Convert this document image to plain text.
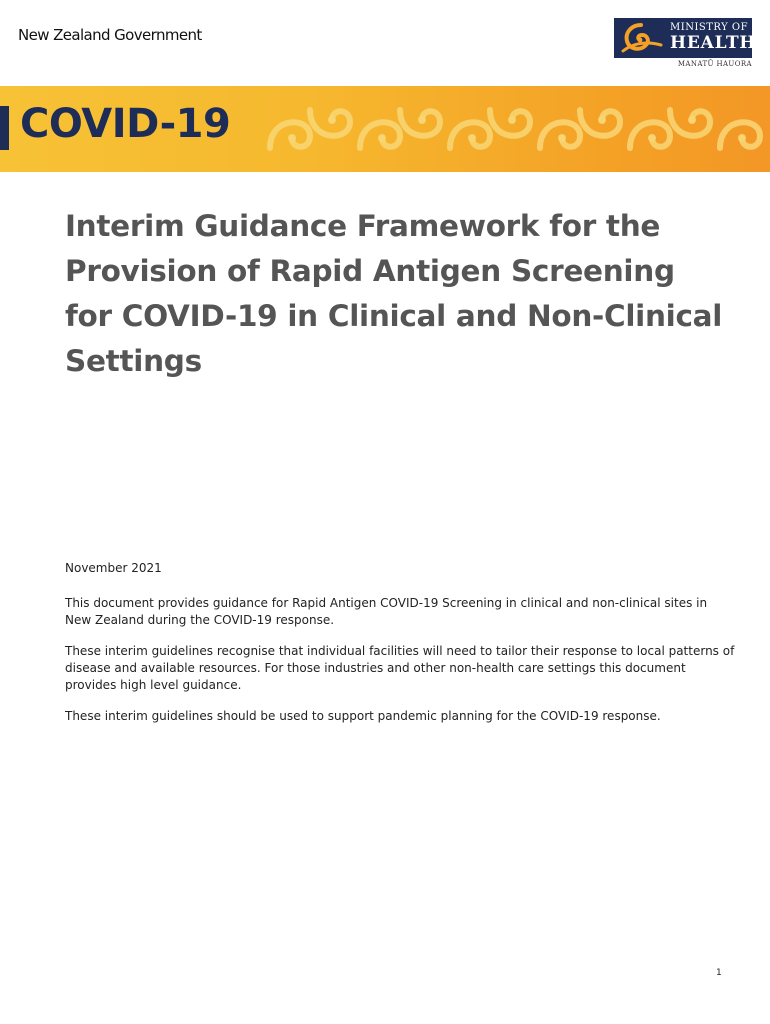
New Zealand Government	MINISTRY OF
HEALTH
MANATŪ HAUORA
COVID-19
Interim Guidance Framework for the Provision of Rapid Antigen Screening for COVID-19 in Clinical and Non-Clinical Settings

November 2021

This document provides guidance for Rapid Antigen COVID-19 Screening in clinical and non-clinical sites in New Zealand during the COVID-19 response.

These interim guidelines recognise that individual facilities will need to tailor their response to local patterns of disease and available resources. For those industries and other non-health care settings this document provides high level guidance.

These interim guidelines should be used to support pandemic planning for the COVID-19 response.

1
